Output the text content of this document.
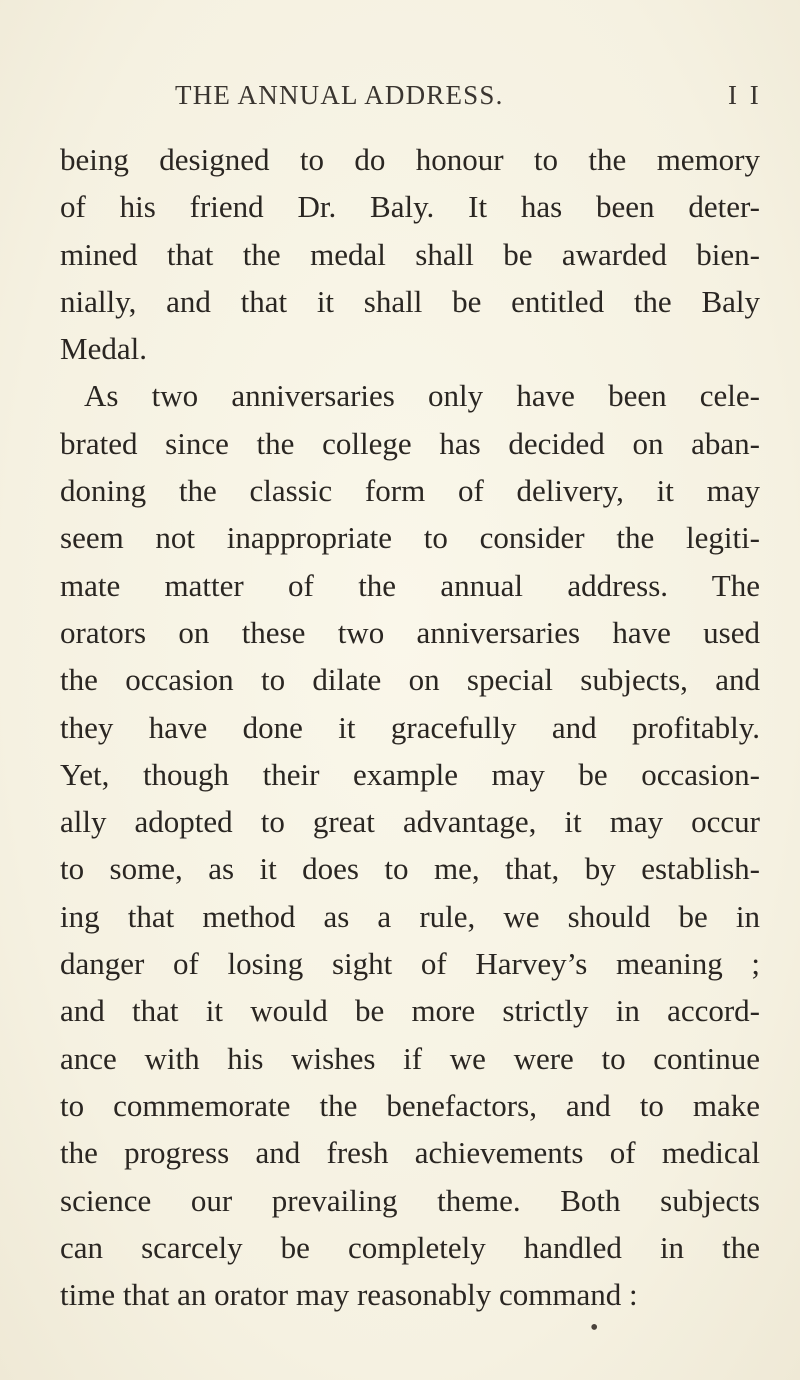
THE ANNUAL ADDRESS.	I I
being designed to do honour to the memory
of his friend Dr. Baly. It has been deter-
mined that the medal shall be awarded bien-
nially, and that it shall be entitled the Baly
Medal.
As two anniversaries only have been cele-
brated since the college has decided on aban-
doning the classic form of delivery, it may
seem not inappropriate to consider the legiti-
mate matter of the annual address. The
orators on these two anniversaries have used
the occasion to dilate on special subjects, and
they have done it gracefully and profitably.
Yet, though their example may be occasion-
ally adopted to great advantage, it may occur
to some, as it does to me, that, by establish-
ing that method as a rule, we should be in
danger of losing sight of Harvey’s meaning ;
and that it would be more strictly in accord-
ance with his wishes if we were to continue
to commemorate the benefactors, and to make
the progress and fresh achievements of medical
science our prevailing theme. Both subjects
can scarcely be completely handled in the
time that an orator may reasonably command :
•
